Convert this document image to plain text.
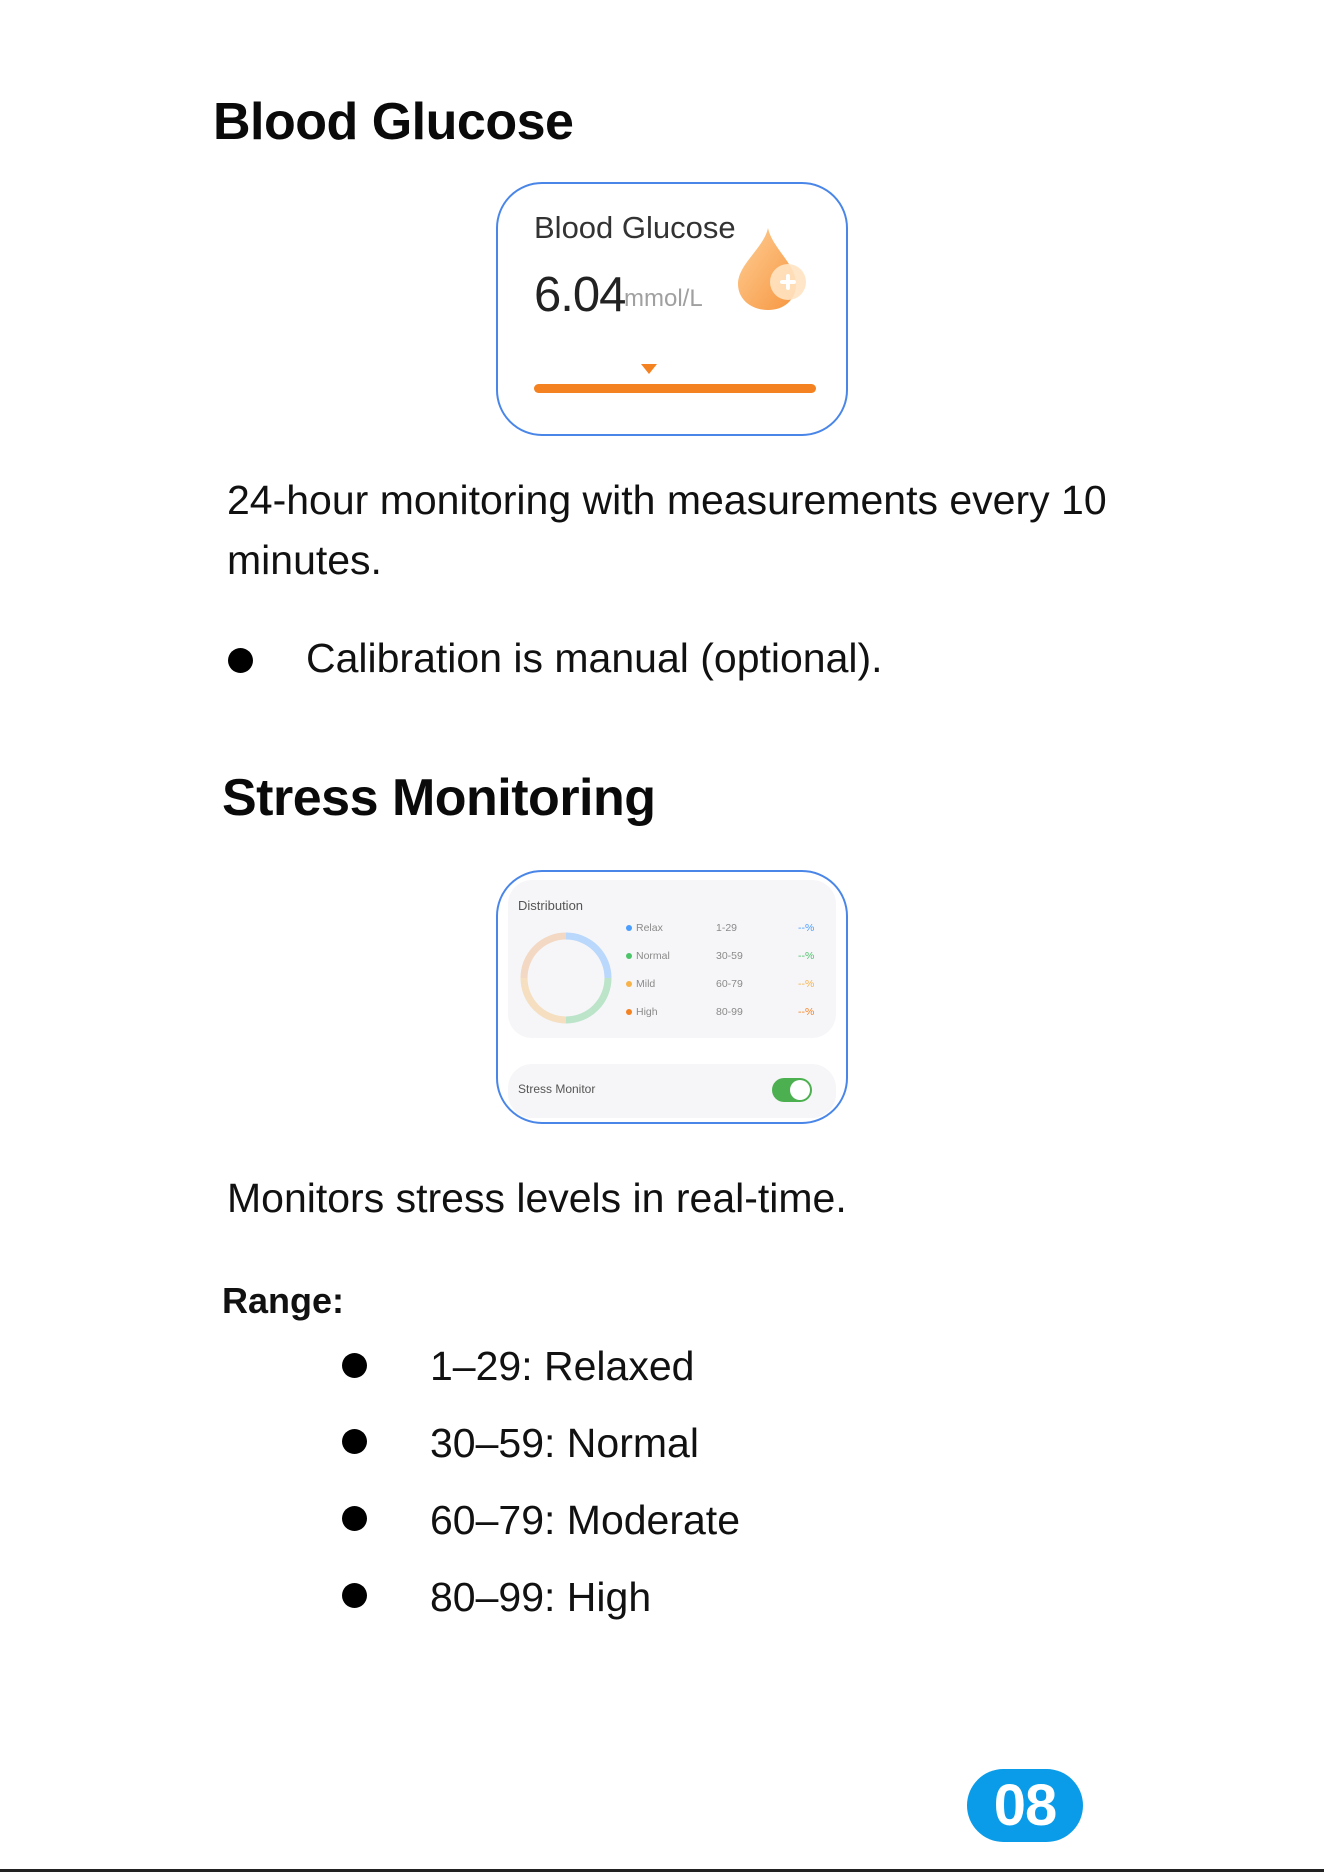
Blood Glucose
Blood Glucose
6.04
mmol/L
24-hour monitoring with measurements every 10 minutes.
Calibration is manual (optional).
Stress Monitoring
Distribution
Relax	1-29	--%
Normal	30-59	--%
Mild	60-79	--%
High	80-99	--%
Stress Monitor
Monitors stress levels in real-time.
Range:
1–29: Relaxed
30–59: Normal
60–79: Moderate
80–99: High
08
